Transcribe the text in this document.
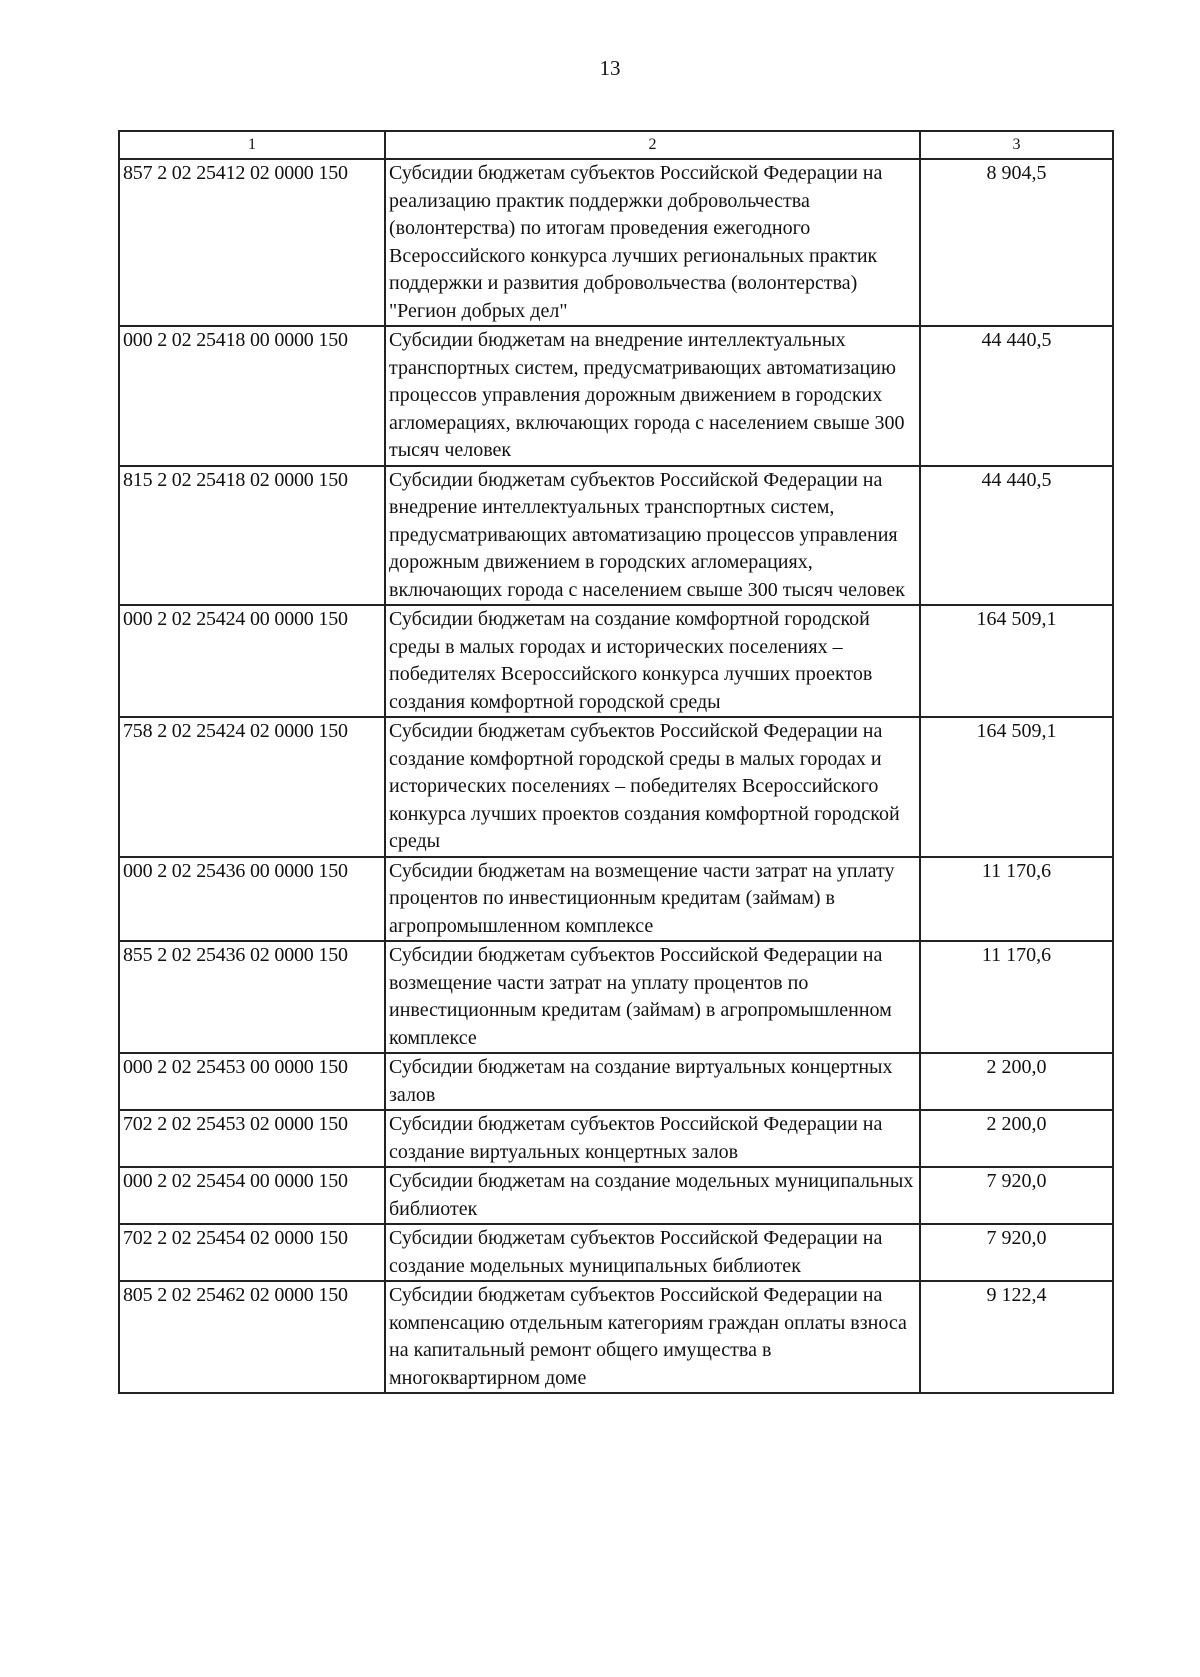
13
1	2	3
857 2 02 25412 02 0000 150	Субсидии бюджетам субъектов Российской Федерации на реализацию практик поддержки добровольчества (волонтерства) по итогам проведения ежегодного Всероссийского конкурса лучших региональных практик поддержки и развития добровольчества (волонтерства) "Регион добрых дел"	8 904,5
000 2 02 25418 00 0000 150	Субсидии бюджетам на внедрение интеллектуальных транспортных систем, предусматривающих автоматизацию процессов управления дорожным движением в городских агломерациях, включающих города с населением свыше 300 тысяч человек	44 440,5
815 2 02 25418 02 0000 150	Субсидии бюджетам субъектов Российской Федерации на внедрение интеллектуальных транспортных систем, предусматривающих автоматизацию процессов управления дорожным движением в городских агломерациях, включающих города с населением свыше 300 тысяч человек	44 440,5
000 2 02 25424 00 0000 150	Субсидии бюджетам на создание комфортной городской среды в малых городах и исторических поселениях – победителях Всероссийского конкурса лучших проектов создания комфортной городской среды	164 509,1
758 2 02 25424 02 0000 150	Субсидии бюджетам субъектов Российской Федерации на создание комфортной городской среды в малых городах и исторических поселениях – победителях Всероссийского конкурса лучших проектов создания комфортной городской среды	164 509,1
000 2 02 25436 00 0000 150	Субсидии бюджетам на возмещение части затрат на уплату процентов по инвестиционным кредитам (займам) в агропромышленном комплексе	11 170,6
855 2 02 25436 02 0000 150	Субсидии бюджетам субъектов Российской Федерации на возмещение части затрат на уплату процентов по инвестиционным кредитам (займам) в агропромышленном комплексе	11 170,6
000 2 02 25453 00 0000 150	Субсидии бюджетам на создание виртуальных концертных залов	2 200,0
702 2 02 25453 02 0000 150	Субсидии бюджетам субъектов Российской Федерации на создание виртуальных концертных залов	2 200,0
000 2 02 25454 00 0000 150	Субсидии бюджетам на создание модельных муниципальных библиотек	7 920,0
702 2 02 25454 02 0000 150	Субсидии бюджетам субъектов Российской Федерации на создание модельных муниципальных библиотек	7 920,0
805 2 02 25462 02 0000 150	Субсидии бюджетам субъектов Российской Федерации на компенсацию отдельным категориям граждан оплаты взноса на капитальный ремонт общего имущества в многоквартирном доме	9 122,4
